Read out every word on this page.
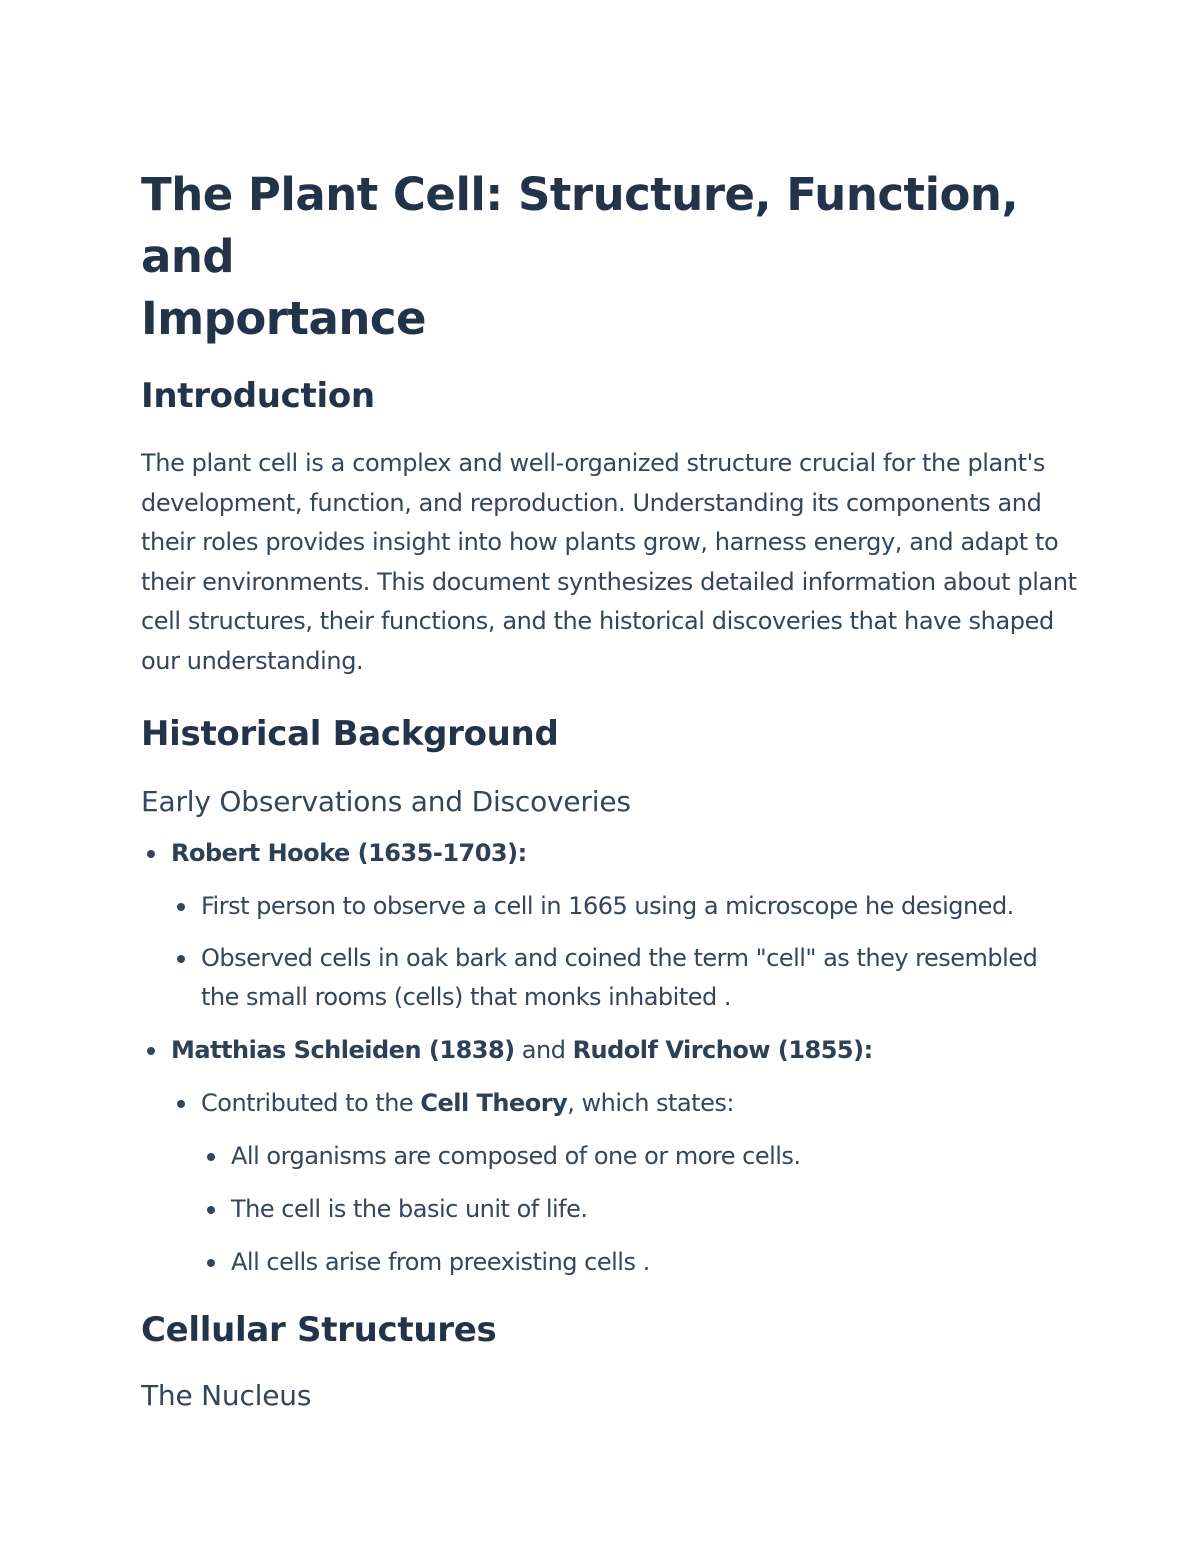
The Plant Cell: Structure, Function, and
Importance
Introduction

The plant cell is a complex and well-organized structure crucial for the plant's development, function, and reproduction. Understanding its components and their roles provides insight into how plants grow, harness energy, and adapt to their environments. This document synthesizes detailed information about plant cell structures, their functions, and the historical discoveries that have shaped our understanding.

Historical Background
Early Observations and Discoveries
Robert Hooke (1635-1703):
First person to observe a cell in 1665 using a microscope he designed.
Observed cells in oak bark and coined the term "cell" as they resembled the small rooms (cells) that monks inhabited .
Matthias Schleiden (1838) and Rudolf Virchow (1855):
Contributed to the Cell Theory, which states:
All organisms are composed of one or more cells.
The cell is the basic unit of life.
All cells arise from preexisting cells .
Cellular Structures
The Nucleus
